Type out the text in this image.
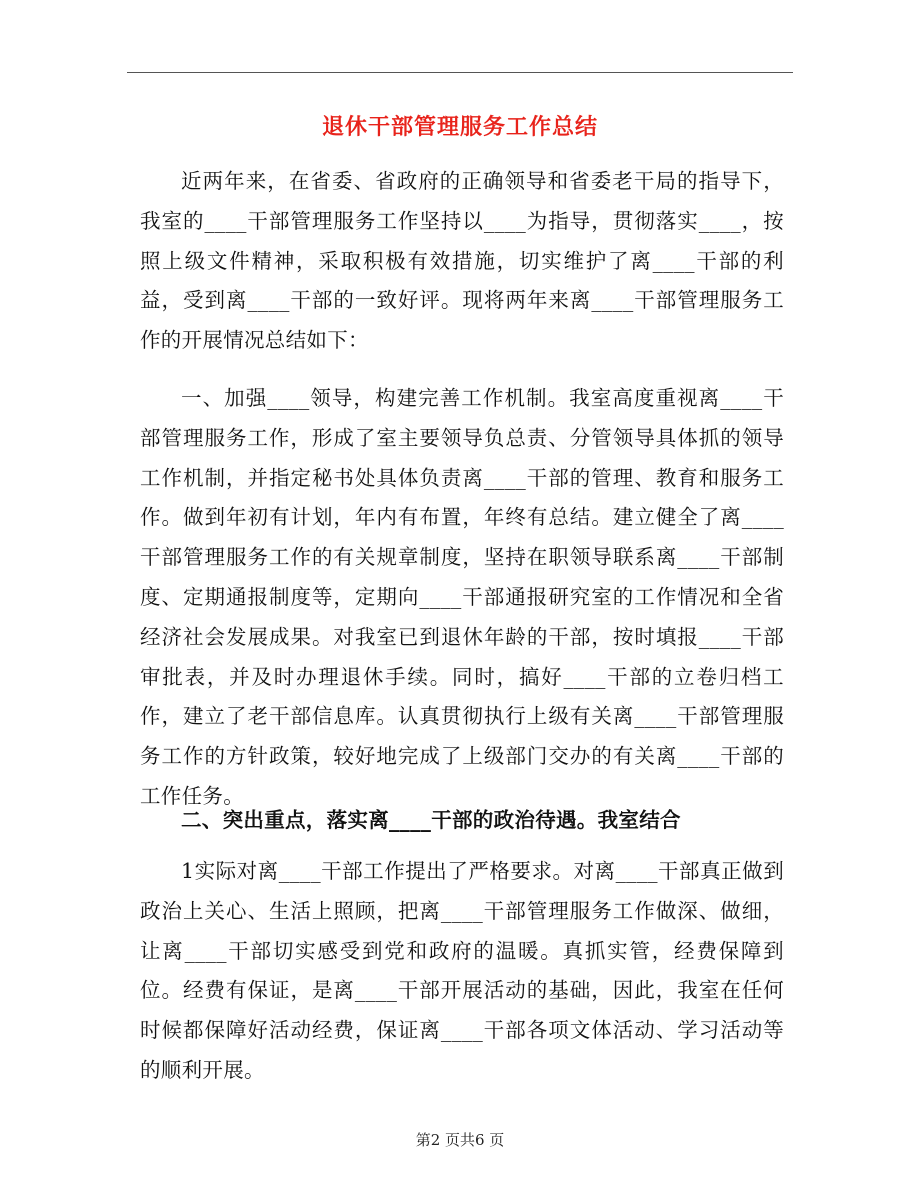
退休干部管理服务工作总结

近两年来，在省委、省政府的正确领导和省委老干局的指导下，我室的____干部管理服务工作坚持以____为指导，贯彻落实____，按照上级文件精神，采取积极有效措施，切实维护了离____干部的利益，受到离____干部的一致好评。现将两年来离____干部管理服务工作的开展情况总结如下：

一、加强____领导，构建完善工作机制。我室高度重视离____干部管理服务工作，形成了室主要领导负总责、分管领导具体抓的领导工作机制，并指定秘书处具体负责离____干部的管理、教育和服务工作。做到年初有计划，年内有布置，年终有总结。建立健全了离____干部管理服务工作的有关规章制度，坚持在职领导联系离____干部制度、定期通报制度等，定期向____干部通报研究室的工作情况和全省经济社会发展成果。对我室已到退休年龄的干部，按时填报____干部审批表，并及时办理退休手续。同时，搞好____干部的立卷归档工作，建立了老干部信息库。认真贯彻执行上级有关离____干部管理服务工作的方针政策，较好地完成了上级部门交办的有关离____干部的工作任务。

二、突出重点，落实离____干部的政治待遇。我室结合

1实际对离____干部工作提出了严格要求。对离____干部真正做到政治上关心、生活上照顾，把离____干部管理服务工作做深、做细，让离____干部切实感受到党和政府的温暖。真抓实管，经费保障到位。经费有保证，是离____干部开展活动的基础，因此，我室在任何时候都保障好活动经费，保证离____干部各项文体活动、学习活动等的顺利开展。

第2 页共6 页
